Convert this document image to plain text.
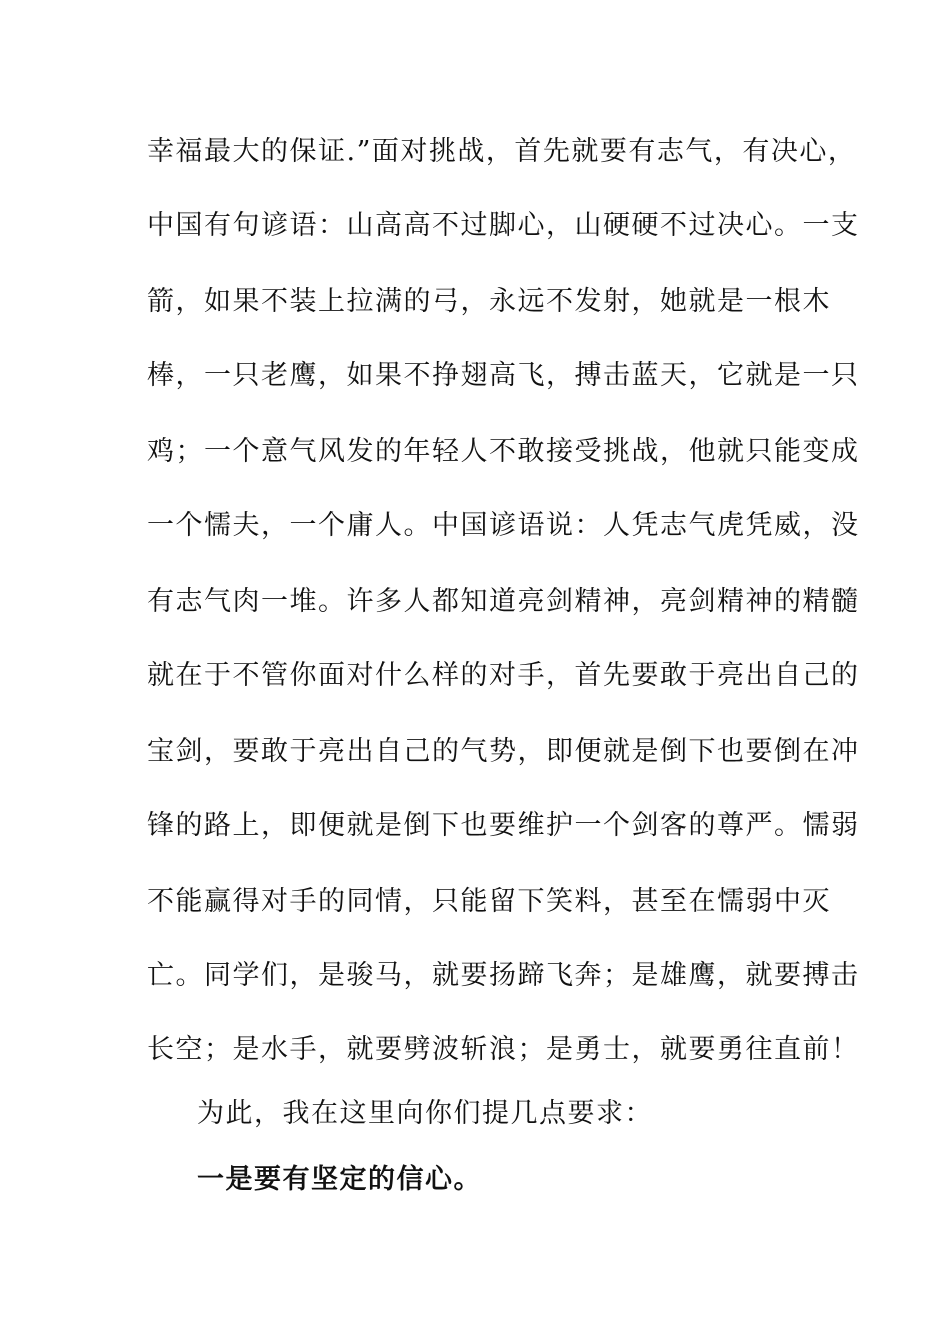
幸福最大的保证.”面对挑战，首先就要有志气，有决心，
中国有句谚语：山高高不过脚心，山硬硬不过决心。一支
箭，如果不装上拉满的弓，永远不发射，她就是一根木
棒，一只老鹰，如果不挣翅高飞，搏击蓝天，它就是一只
鸡；一个意气风发的年轻人不敢接受挑战，他就只能变成
一个懦夫，一个庸人。中国谚语说：人凭志气虎凭威，没
有志气肉一堆。许多人都知道亮剑精神，亮剑精神的精髓
就在于不管你面对什么样的对手，首先要敢于亮出自己的
宝剑，要敢于亮出自己的气势，即便就是倒下也要倒在冲
锋的路上，即便就是倒下也要维护一个剑客的尊严。懦弱
不能赢得对手的同情，只能留下笑料，甚至在懦弱中灭
亡。同学们，是骏马，就要扬蹄飞奔；是雄鹰，就要搏击
长空；是水手，就要劈波斩浪；是勇士，就要勇往直前！
为此，我在这里向你们提几点要求：
一是要有坚定的信心。
